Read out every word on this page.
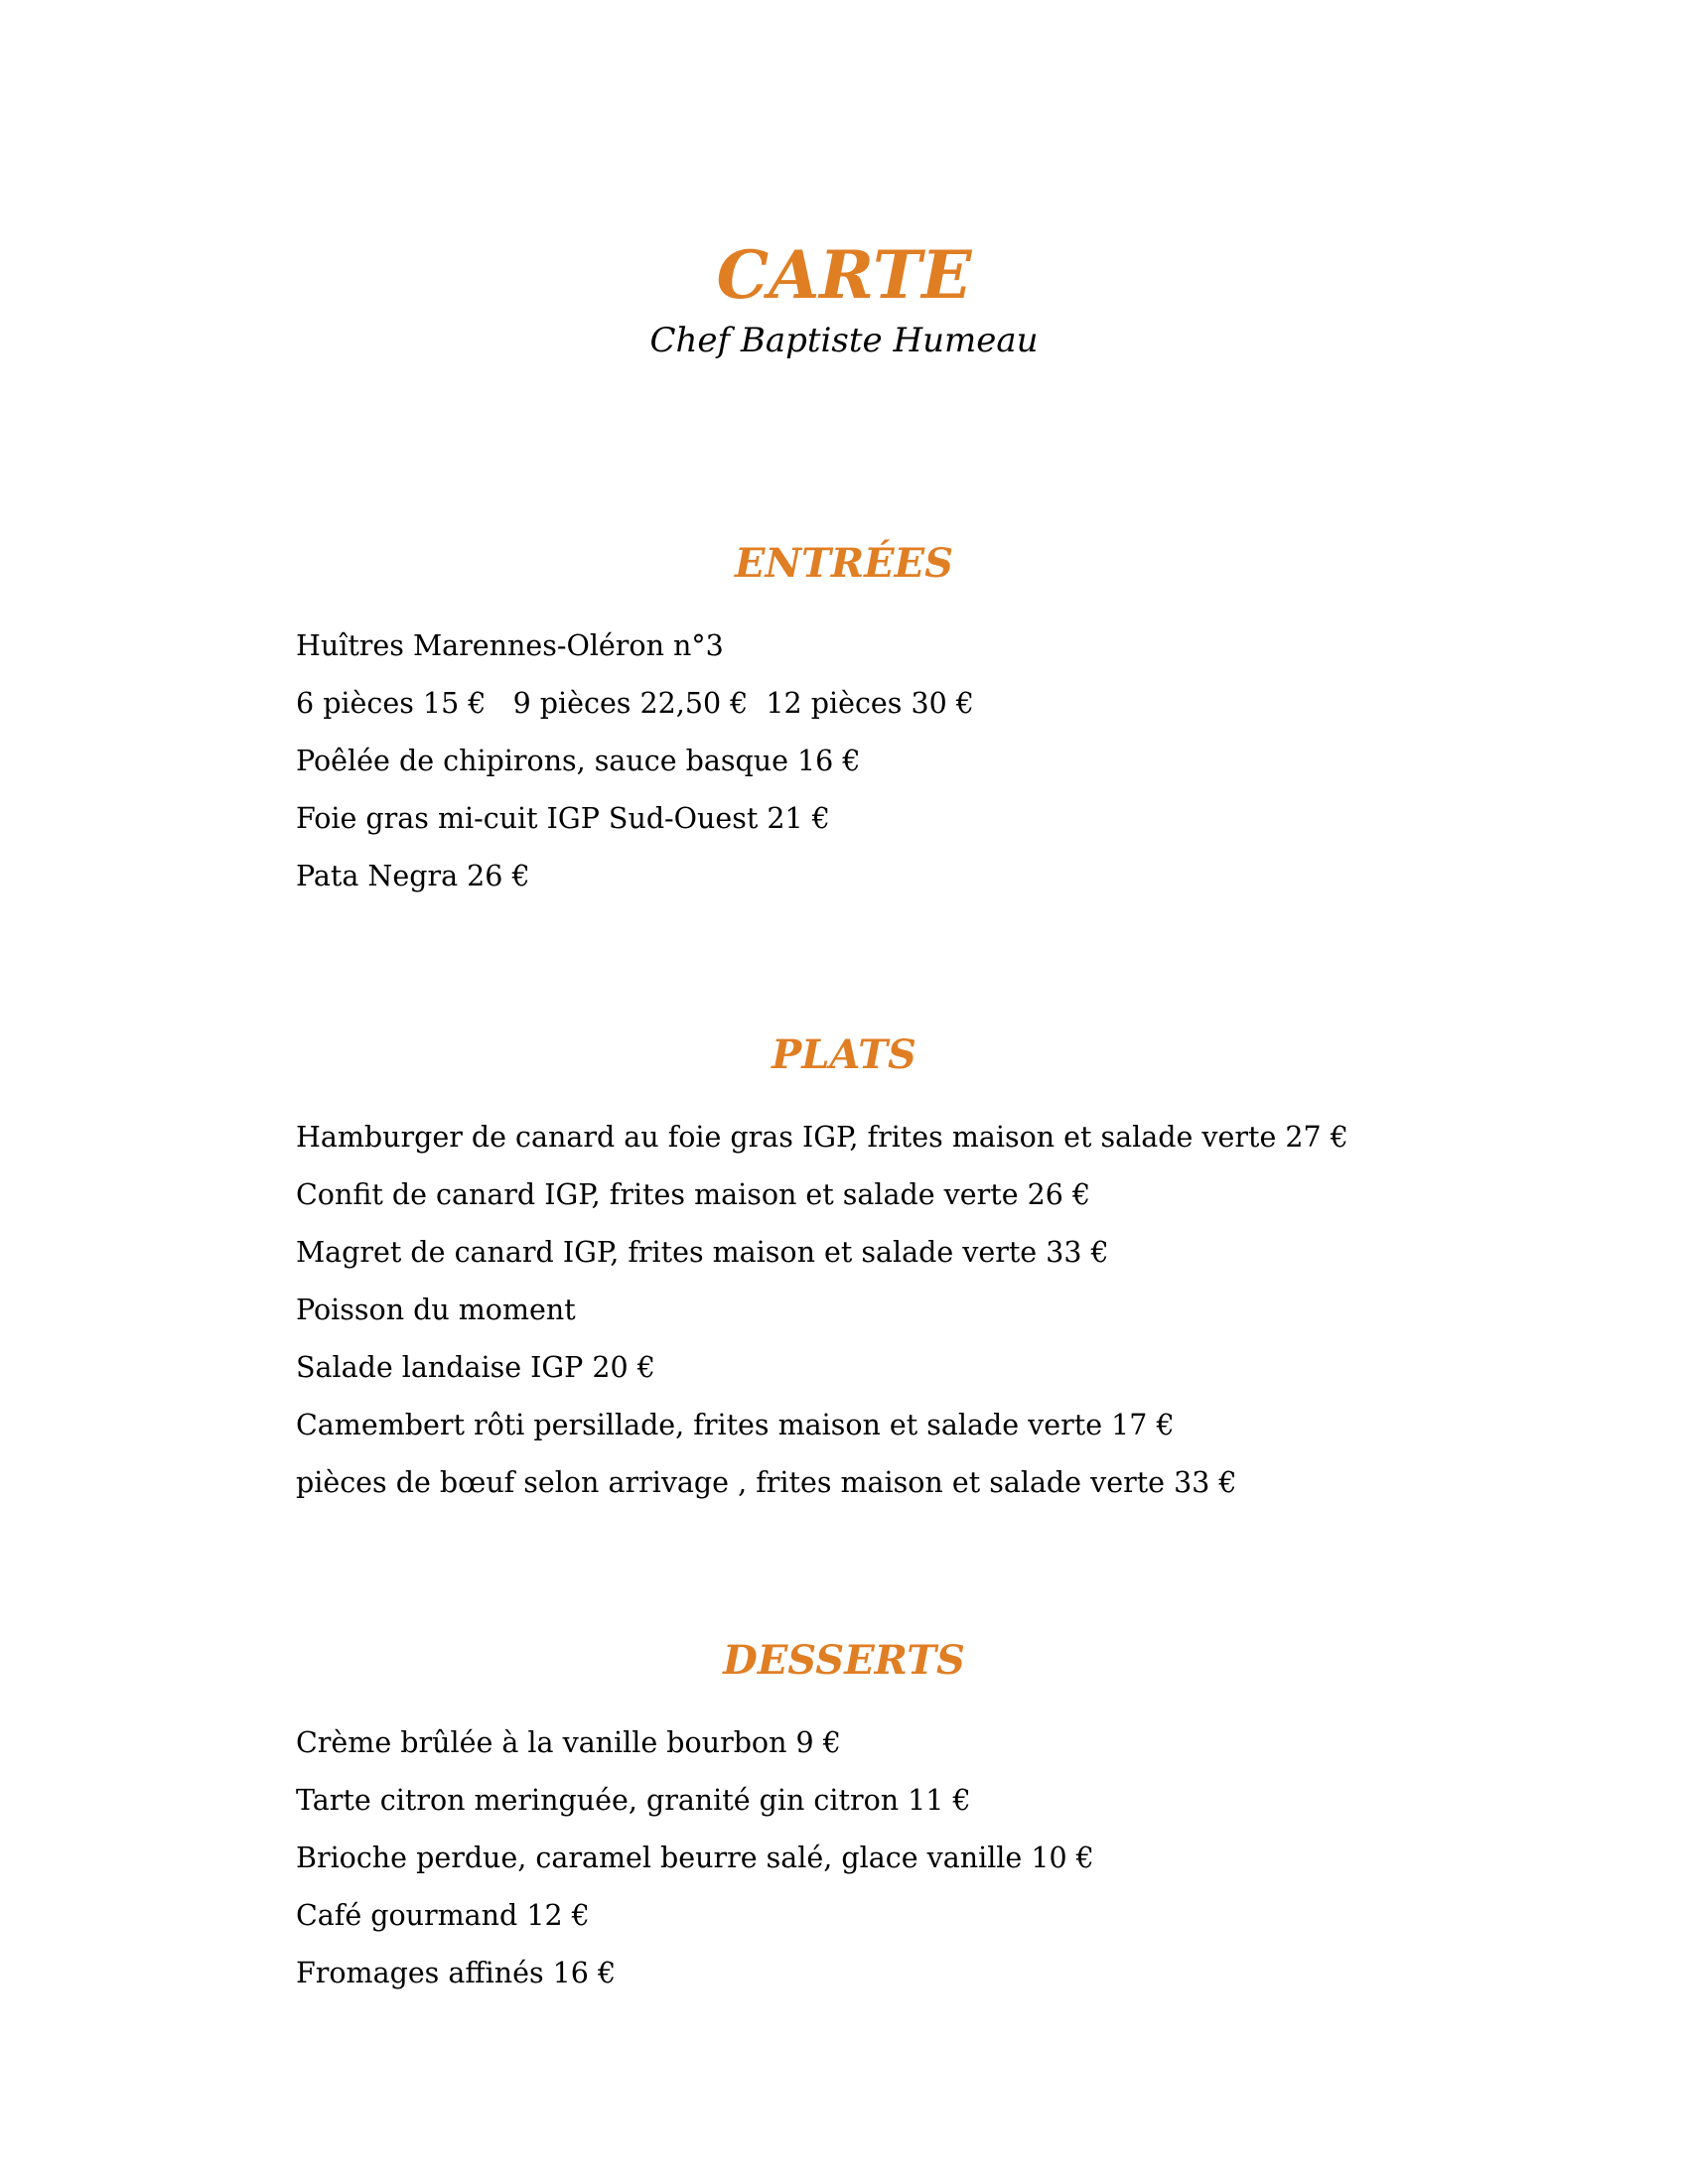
CARTE
Chef Baptiste Humeau
ENTRÉES
Huîtres Marennes-Oléron n°3
6 pièces 15 €   9 pièces 22,50 €  12 pièces 30 €
Poêlée de chipirons, sauce basque 16 €
Foie gras mi-cuit IGP Sud-Ouest 21 €
Pata Negra 26 €
PLATS
Hamburger de canard au foie gras IGP, frites maison et salade verte 27 €
Confit de canard IGP, frites maison et salade verte 26 €
Magret de canard IGP, frites maison et salade verte 33 €
Poisson du moment
Salade landaise IGP 20 €
Camembert rôti persillade, frites maison et salade verte 17 €
pièces de bœuf selon arrivage , frites maison et salade verte 33 €
DESSERTS
Crème brûlée à la vanille bourbon 9 €
Tarte citron meringuée, granité gin citron 11 €
Brioche perdue, caramel beurre salé, glace vanille 10 €
Café gourmand 12 €
Fromages affinés 16 €
